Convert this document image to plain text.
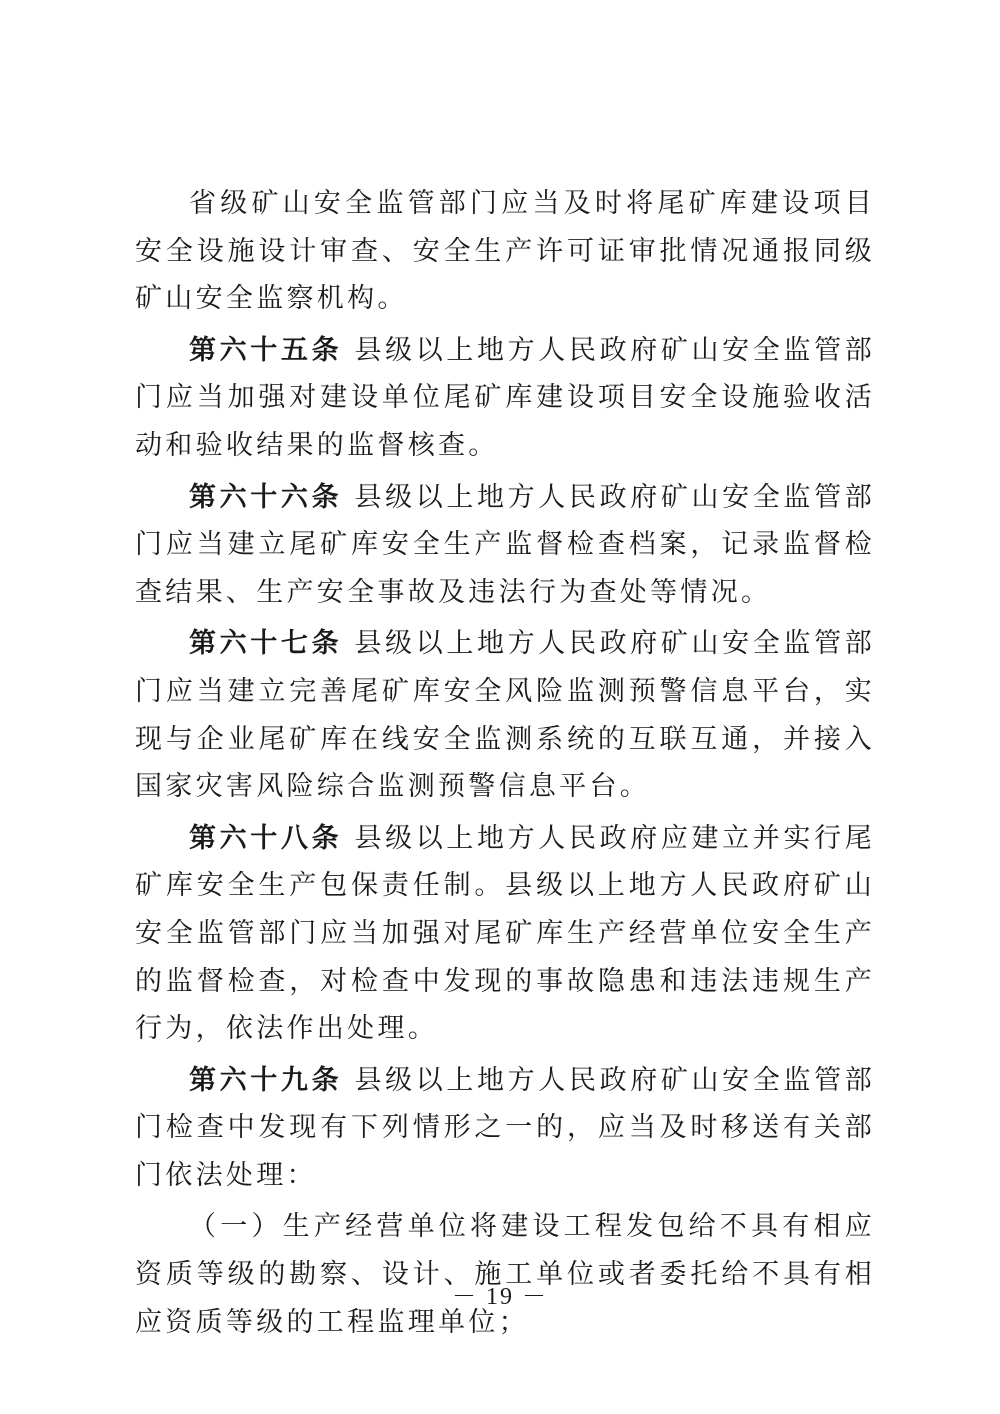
省级矿山安全监管部门应当及时将尾矿库建设项目安全设施设计审查、安全生产许可证审批情况通报同级矿山安全监察机构。

第六十五条 县级以上地方人民政府矿山安全监管部门应当加强对建设单位尾矿库建设项目安全设施验收活动和验收结果的监督核查。

第六十六条 县级以上地方人民政府矿山安全监管部门应当建立尾矿库安全生产监督检查档案，记录监督检查结果、生产安全事故及违法行为查处等情况。

第六十七条 县级以上地方人民政府矿山安全监管部门应当建立完善尾矿库安全风险监测预警信息平台，实现与企业尾矿库在线安全监测系统的互联互通，并接入国家灾害风险综合监测预警信息平台。

第六十八条 县级以上地方人民政府应建立并实行尾矿库安全生产包保责任制。县级以上地方人民政府矿山安全监管部门应当加强对尾矿库生产经营单位安全生产的监督检查，对检查中发现的事故隐患和违法违规生产行为，依法作出处理。

第六十九条 县级以上地方人民政府矿山安全监管部门检查中发现有下列情形之一的，应当及时移送有关部门依法处理：

（一）生产经营单位将建设工程发包给不具有相应资质等级的勘察、设计、施工单位或者委托给不具有相应资质等级的工程监理单位；

－ 19 －
